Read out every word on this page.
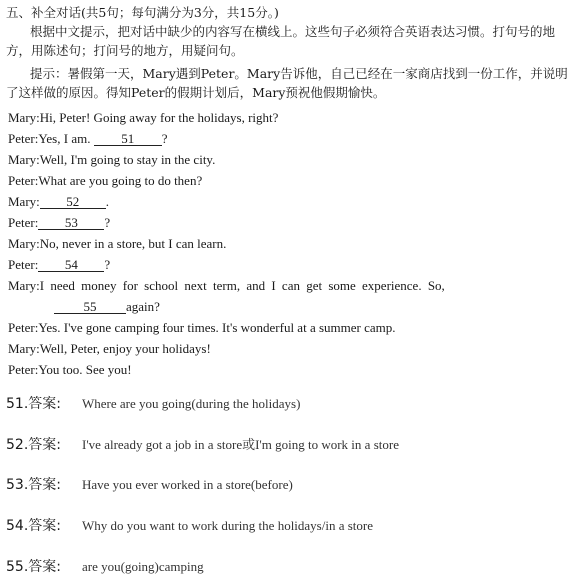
五、补全对话(共5句；每句满分为3分，共15分。)
根据中文提示，把对话中缺少的内容写在横线上。这些句子必须符合英语表达习惯。打句号的地方，用陈述句；打问号的地方，用疑问句。
提示：暑假第一天，Mary遇到Peter。Mary告诉他，自己已经在一家商店找到一份工作，并说明了这样做的原因。得知Peter的假期计划后，Mary预祝他假期愉快。
Mary:Hi, Peter! Going away for the holidays, right?
Peter:Yes, I am. 51 ?
Mary:Well, I'm going to stay in the city.
Peter:What are you going to do then?
Mary: 52 .
Peter: 53 ?
Mary:No, never in a store, but I can learn.
Peter: 54 ?
Mary:I need money for school next term, and I can get some experience. So,
55 again?
Peter:Yes. I've gone camping four times. It's wonderful at a summer camp.
Mary:Well, Peter, enjoy your holidays!
Peter:You too. See you!
51.答案: Where are you going(during the holidays)
52.答案: I've already got a job in a store或I'm going to work in a store
53.答案: Have you ever worked in a store(before)
54.答案: Why do you want to work during the holidays/in a store
55.答案: are you(going)camping
